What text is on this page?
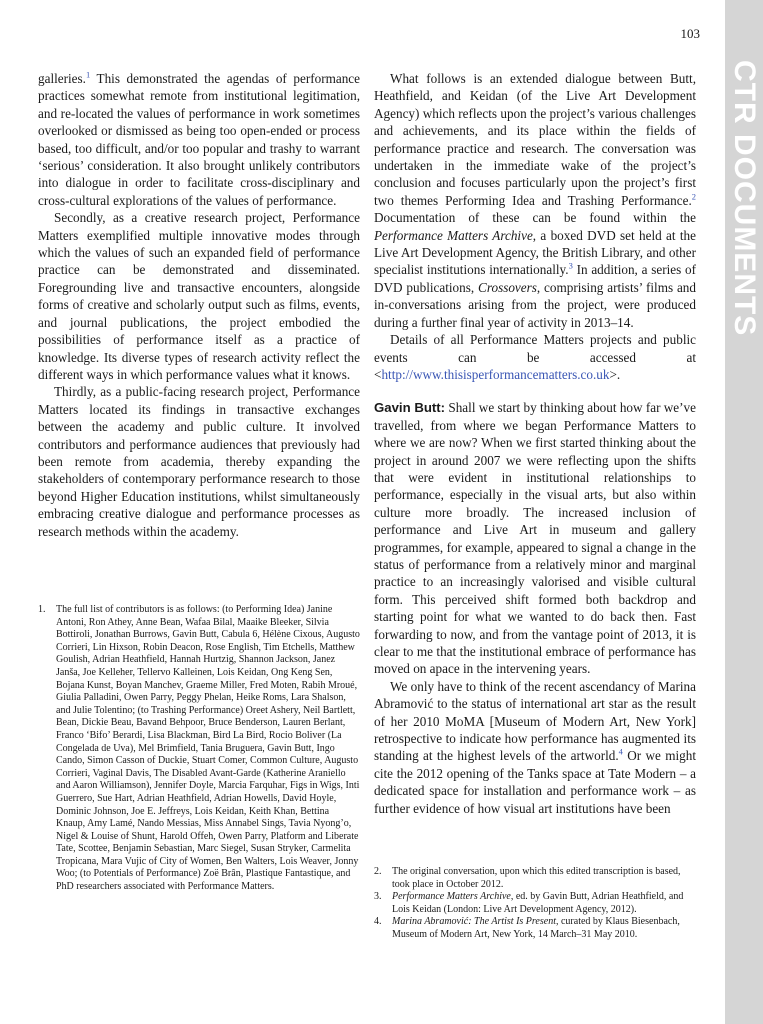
103
CTR DOCUMENTS

galleries.$^1$ This demonstrated the agendas of performance practices somewhat remote from institutional legitimation, and re-located the values of performance in work sometimes overlooked or dismissed as being too open-ended or process based, too difficult, and/or too popular and trashy to warrant ‘serious’ consideration. It also brought unlikely contributors into dialogue in order to facilitate cross-disciplinary and cross-cultural explorations of the values of performance.

Secondly, as a creative research project, Performance Matters exemplified multiple innovative modes through which the values of such an expanded field of performance practice can be demonstrated and disseminated. Foregrounding live and transactive encounters, alongside forms of creative and scholarly output such as films, events, and journal publications, the project embodied the possibilities of performance itself as a practice of knowledge. Its diverse types of research activity reflect the different ways in which performance values what it knows.

Thirdly, as a public-facing research project, Performance Matters located its findings in transactive exchanges between the academy and public culture. It involved contributors and performance audiences that previously had been remote from academia, thereby expanding the stakeholders of contemporary performance research to those beyond Higher Education institutions, whilst simultaneously embracing creative dialogue and performance processes as research methods within the academy.

What follows is an extended dialogue between Butt, Heathfield, and Keidan (of the Live Art Development Agency) which reflects upon the project’s various challenges and achievements, and its place within the fields of performance practice and research. The conversation was undertaken in the immediate wake of the project’s conclusion and focuses particularly upon the project’s first two themes Performing Idea and Trashing Performance.$^2$ Documentation of these can be found within the Performance Matters Archive, a boxed DVD set held at the Live Art Development Agency, the British Library, and other specialist institutions internationally.$^3$ In addition, a series of DVD publications, Crossovers, comprising artists’ films and in-conversations arising from the project, were produced during a further final year of activity in 2013–14.

Details of all Performance Matters projects and public events can be accessed at <http://www.thisisperformancematters.co.uk>.

Gavin Butt: Shall we start by thinking about how far we’ve travelled, from where we began Performance Matters to where we are now? When we first started thinking about the project in around 2007 we were reflecting upon the shifts that were evident in institutional relationships to performance, especially in the visual arts, but also within culture more broadly. The increased inclusion of performance and Live Art in museum and gallery programmes, for example, appeared to signal a change in the status of performance from a relatively minor and marginal practice to an increasingly valorised and visible cultural form. This perceived shift formed both backdrop and starting point for what we wanted to do back then. Fast forwarding to now, and from the vantage point of 2013, it is clear to me that the institutional embrace of performance has moved on apace in the intervening years.

We only have to think of the recent ascendancy of Marina Abramović to the status of international art star as the result of her 2010 MoMA [Museum of Modern Art, New York] retrospective to indicate how performance has augmented its standing at the highest levels of the artworld.$^4$ Or we might cite the 2012 opening of the Tanks space at Tate Modern – a dedicated space for installation and performance work – as further evidence of how visual art institutions have been

1. The full list of contributors is as follows: (to Performing Idea) Janine Antoni, Ron Athey, Anne Bean, Wafaa Bilal, Maaike Bleeker, Silvia Bottiroli, Jonathan Burrows, Gavin Butt, Cabula 6, Hélène Cixous, Augusto Corrieri, Lin Hixson, Robin Deacon, Rose English, Tim Etchells, Matthew Goulish, Adrian Heathfield, Hannah Hurtzig, Shannon Jackson, Janez Janša, Joe Kelleher, Tellervo Kalleinen, Lois Keidan, Ong Keng Sen, Bojana Kunst, Boyan Manchev, Graeme Miller, Fred Moten, Rabih Mroué, Giulia Palladini, Owen Parry, Peggy Phelan, Heike Roms, Lara Shalson, and Julie Tolentino; (to Trashing Performance) Oreet Ashery, Neil Bartlett, Bean, Dickie Beau, Bavand Behpoor, Bruce Benderson, Lauren Berlant, Franco ‘Bifo’ Berardi, Lisa Blackman, Bird La Bird, Rocio Boliver (La Congelada de Uva), Mel Brimfield, Tania Bruguera, Gavin Butt, Ingo Cando, Simon Casson of Duckie, Stuart Comer, Common Culture, Augusto Corrieri, Vaginal Davis, The Disabled Avant-Garde (Katherine Araniello and Aaron Williamson), Jennifer Doyle, Marcia Farquhar, Figs in Wigs, Inti Guerrero, Sue Hart, Adrian Heathfield, Adrian Howells, David Hoyle, Dominic Johnson, Joe E. Jeffreys, Lois Keidan, Keith Khan, Bettina Knaup, Amy Lamé, Nando Messias, Miss Annabel Sings, Tavia Nyong’o, Nigel & Louise of Shunt, Harold Offeh, Owen Parry, Platform and Liberate Tate, Scottee, Benjamin Sebastian, Marc Siegel, Susan Stryker, Carmelita Tropicana, Mara Vujic of City of Women, Ben Walters, Lois Weaver, Jonny Woo; (to Potentials of Performance) Zoë Brân, Plastique Fantastique, and PhD researchers associated with Performance Matters.

2. The original conversation, upon which this edited transcription is based, took place in October 2012.

3. Performance Matters Archive, ed. by Gavin Butt, Adrian Heathfield, and Lois Keidan (London: Live Art Development Agency, 2012).

4. Marina Abramović: The Artist Is Present, curated by Klaus Biesenbach, Museum of Modern Art, New York, 14 March–31 May 2010.
